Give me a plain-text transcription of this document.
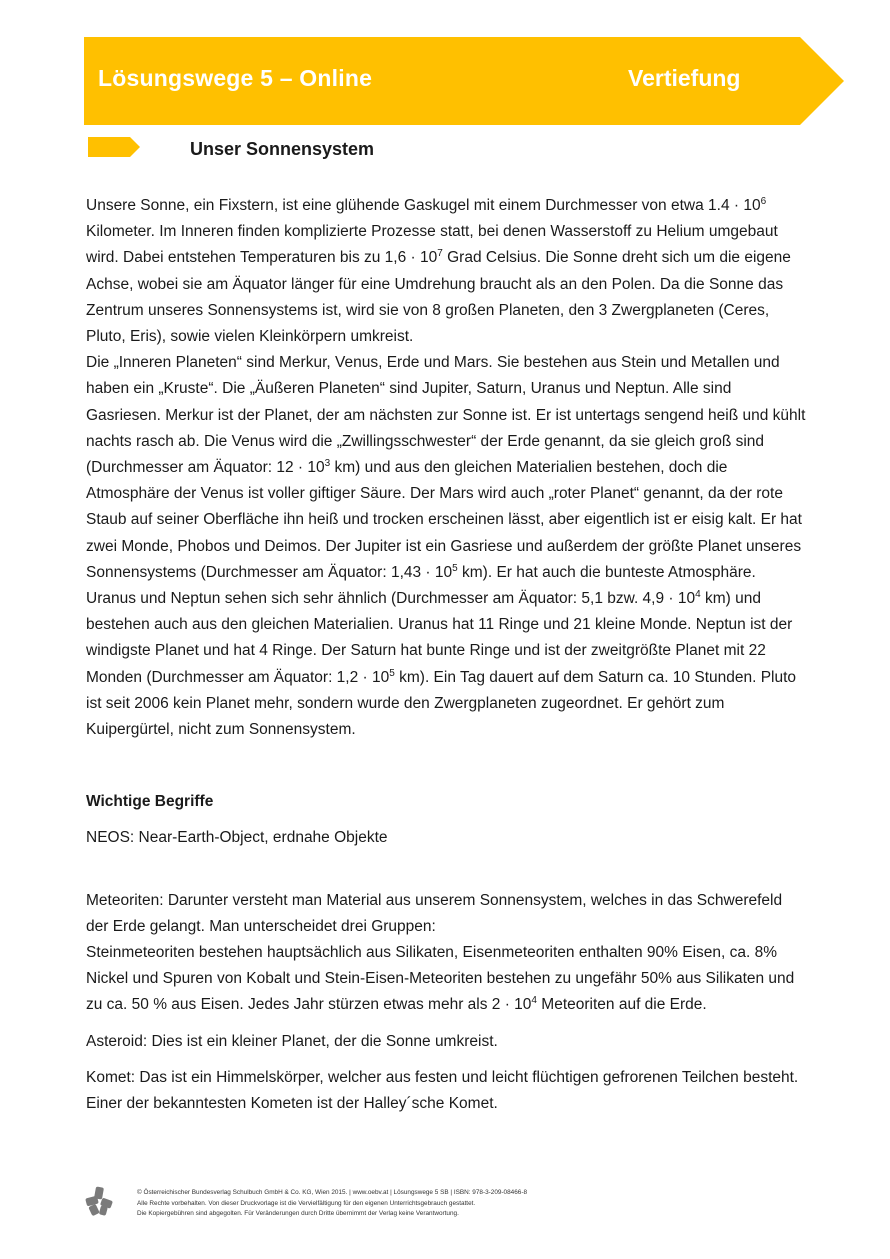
Lösungswege 5 – Online	Vertiefung
Unser Sonnensystem

Unsere Sonne, ein Fixstern, ist eine glühende Gaskugel mit einem Durchmesser von etwa $1.4 \cdot 10^6$ Kilometer. Im Inneren finden komplizierte Prozesse statt, bei denen Wasserstoff zu Helium umgebaut wird. Dabei entstehen Temperaturen bis zu $1,6 \cdot 10^7$ Grad Celsius. Die Sonne dreht sich um die eigene Achse, wobei sie am Äquator länger für eine Umdrehung braucht als an den Polen. Da die Sonne das Zentrum unseres Sonnensystems ist, wird sie von 8 großen Planeten, den 3 Zwergplaneten (Ceres, Pluto, Eris), sowie vielen Kleinkörpern umkreist.

Die „Inneren Planeten“ sind Merkur, Venus, Erde und Mars. Sie bestehen aus Stein und Metallen und haben ein „Kruste“. Die „Äußeren Planeten“ sind Jupiter, Saturn, Uranus und Neptun. Alle sind Gasriesen. Merkur ist der Planet, der am nächsten zur Sonne ist. Er ist untertags sengend heiß und kühlt nachts rasch ab. Die Venus wird die „Zwillingsschwester“ der Erde genannt, da sie gleich groß sind (Durchmesser am Äquator: $12 \cdot 10^3$ km) und aus den gleichen Materialien bestehen, doch die Atmosphäre der Venus ist voller giftiger Säure. Der Mars wird auch „roter Planet“ genannt, da der rote Staub auf seiner Oberfläche ihn heiß und trocken erscheinen lässt, aber eigentlich ist er eisig kalt. Er hat zwei Monde, Phobos und Deimos. Der Jupiter ist ein Gasriese und außerdem der größte Planet unseres Sonnensystems (Durchmesser am Äquator: $1,43 \cdot 10^5$ km). Er hat auch die bunteste Atmosphäre. Uranus und Neptun sehen sich sehr ähnlich (Durchmesser am Äquator: 5,1 bzw. $4,9 \cdot 10^4$ km) und bestehen auch aus den gleichen Materialien. Uranus hat 11 Ringe und 21 kleine Monde. Neptun ist der windigste Planet und hat 4 Ringe. Der Saturn hat bunte Ringe und ist der zweitgrößte Planet mit 22 Monden (Durchmesser am Äquator: $1,2 \cdot 10^5$ km). Ein Tag dauert auf dem Saturn ca. 10 Stunden. Pluto ist seit 2006 kein Planet mehr, sondern wurde den Zwergplaneten zugeordnet. Er gehört zum Kuipergürtel, nicht zum Sonnensystem.

Wichtige Begriffe

NEOS: Near-Earth-Object, erdnahe Objekte

Meteoriten: Darunter versteht man Material aus unserem Sonnensystem, welches in das Schwerefeld der Erde gelangt. Man unterscheidet drei Gruppen:

Steinmeteoriten bestehen hauptsächlich aus Silikaten, Eisenmeteoriten enthalten 90% Eisen, ca. 8% Nickel und Spuren von Kobalt und Stein-Eisen-Meteoriten bestehen zu ungefähr 50% aus Silikaten und zu ca. 50 % aus Eisen. Jedes Jahr stürzen etwas mehr als $2 \cdot 10^4$ Meteoriten auf die Erde.

Asteroid: Dies ist ein kleiner Planet, der die Sonne umkreist.

Komet: Das ist ein Himmelskörper, welcher aus festen und leicht flüchtigen gefrorenen Teilchen besteht. Einer der bekanntesten Kometen ist der Halley´sche Komet.

© Österreichischer Bundesverlag Schulbuch GmbH & Co. KG, Wien 2015. | www.oebv.at | Lösungswege 5 SB | ISBN: 978-3-209-08466-8
Alle Rechte vorbehalten. Von dieser Druckvorlage ist die Vervielfältigung für den eigenen Unterrichtsgebrauch gestattet.
Die Kopiergebühren sind abgegolten. Für Veränderungen durch Dritte übernimmt der Verlag keine Verantwortung.
